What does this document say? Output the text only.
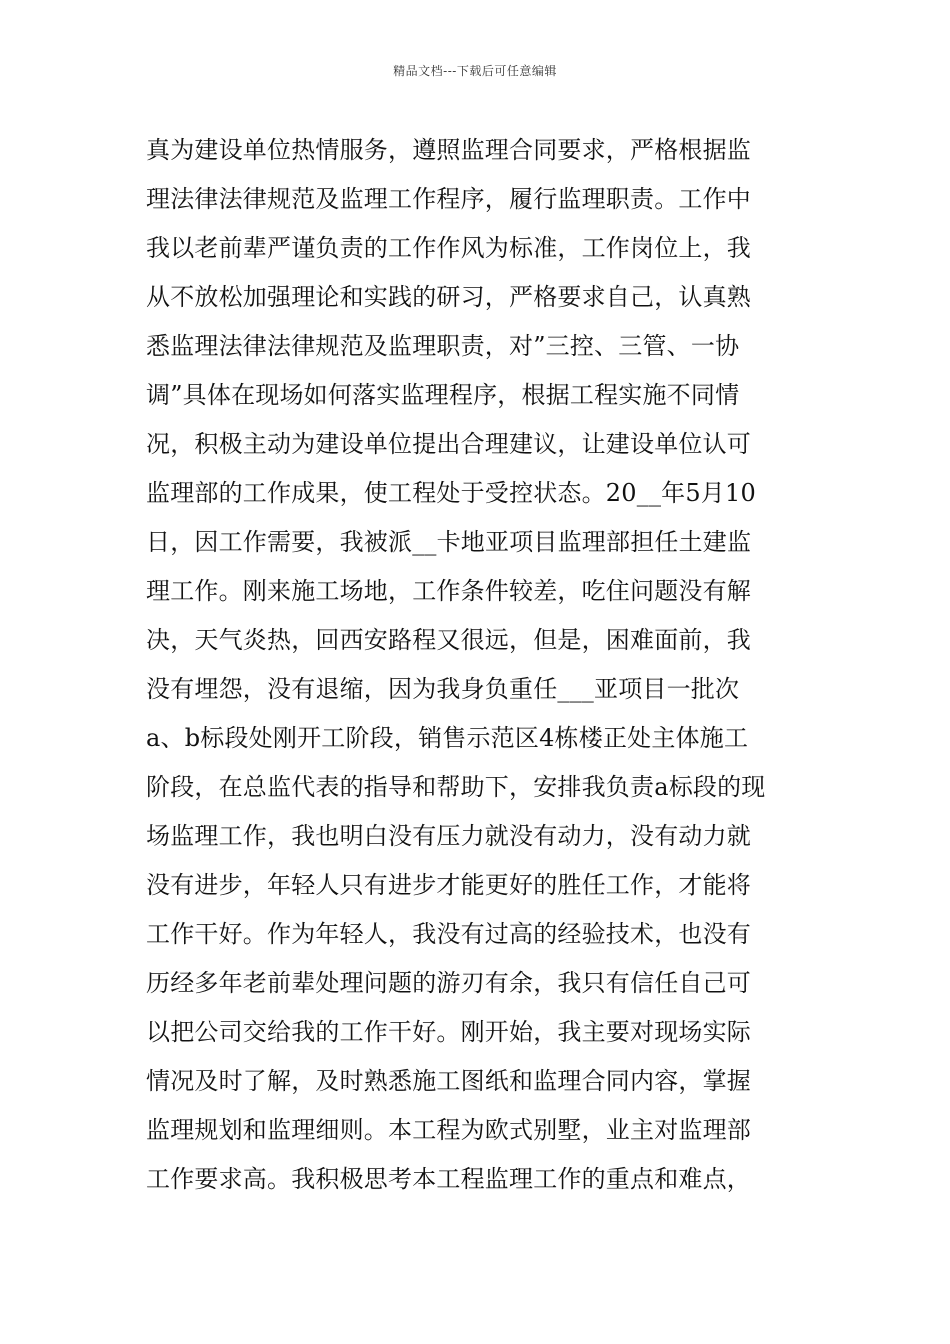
精品文档---下载后可任意编辑
真为建设单位热情服务，遵照监理合同要求，严格根据监
理法律法律规范及监理工作程序，履行监理职责。工作中
我以老前辈严谨负责的工作作风为标准，工作岗位上，我
从不放松加强理论和实践的研习，严格要求自己，认真熟
悉监理法律法律规范及监理职责，对”三控、三管、一协
调”具体在现场如何落实监理程序，根据工程实施不同情
况，积极主动为建设单位提出合理建议，让建设单位认可
监理部的工作成果，使工程处于受控状态。20__年5月10
日，因工作需要，我被派__卡地亚项目监理部担任土建监
理工作。刚来施工场地，工作条件较差，吃住问题没有解
决，天气炎热，回西安路程又很远，但是，困难面前，我
没有埋怨，没有退缩，因为我身负重任___亚项目一批次
a、b标段处刚开工阶段，销售示范区4栋楼正处主体施工
阶段，在总监代表的指导和帮助下，安排我负责a标段的现
场监理工作，我也明白没有压力就没有动力，没有动力就
没有进步，年轻人只有进步才能更好的胜任工作，才能将
工作干好。作为年轻人，我没有过高的经验技术，也没有
历经多年老前辈处理问题的游刃有余，我只有信任自己可
以把公司交给我的工作干好。刚开始，我主要对现场实际
情况及时了解，及时熟悉施工图纸和监理合同内容，掌握
监理规划和监理细则。本工程为欧式别墅，业主对监理部
工作要求高。我积极思考本工程监理工作的重点和难点，
